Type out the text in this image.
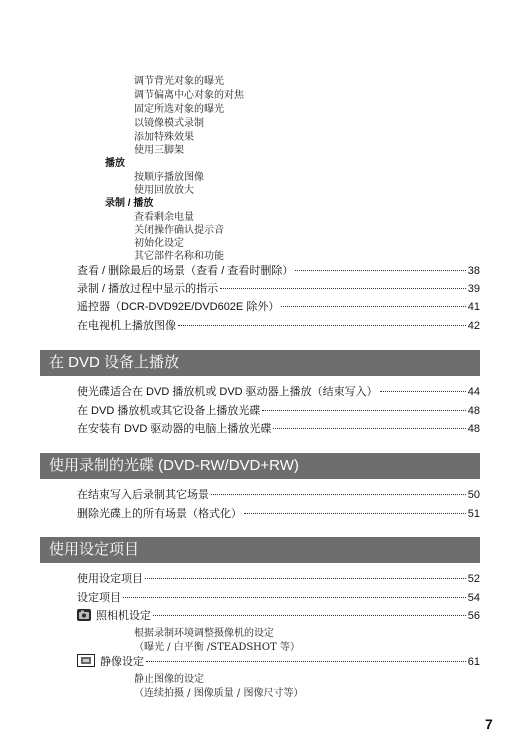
调节背光对象的曝光
调节偏离中心对象的对焦
固定所选对象的曝光
以镜像模式录制
添加特殊效果
使用三脚架
播放
按顺序播放图像
使用回放放大
录制 / 播放
查看剩余电量
关闭操作确认提示音
初始化设定
其它部件名称和功能
查看 / 删除最后的场景（查看 / 查看时删除）	38
录制 / 播放过程中显示的指示	39
遥控器（DCR-DVD92E/DVD602E 除外）	41
在电视机上播放图像	42
在 DVD 设备上播放
使光碟适合在 DVD 播放机或 DVD 驱动器上播放（结束写入）	44
在 DVD 播放机或其它设备上播放光碟	48
在安装有 DVD 驱动器的电脑上播放光碟	48
使用录制的光碟 (DVD-RW/DVD+RW)
在结束写入后录制其它场景	50
删除光碟上的所有场景（格式化）	51
使用设定项目
使用设定项目	52
设定项目	54
照相机设定	56
根据录制环境调整摄像机的设定
（曝光 / 白平衡 /STEADSHOT 等）
静像设定	61
静止图像的设定
（连续拍摄 / 图像质量 / 图像尺寸等）
7
